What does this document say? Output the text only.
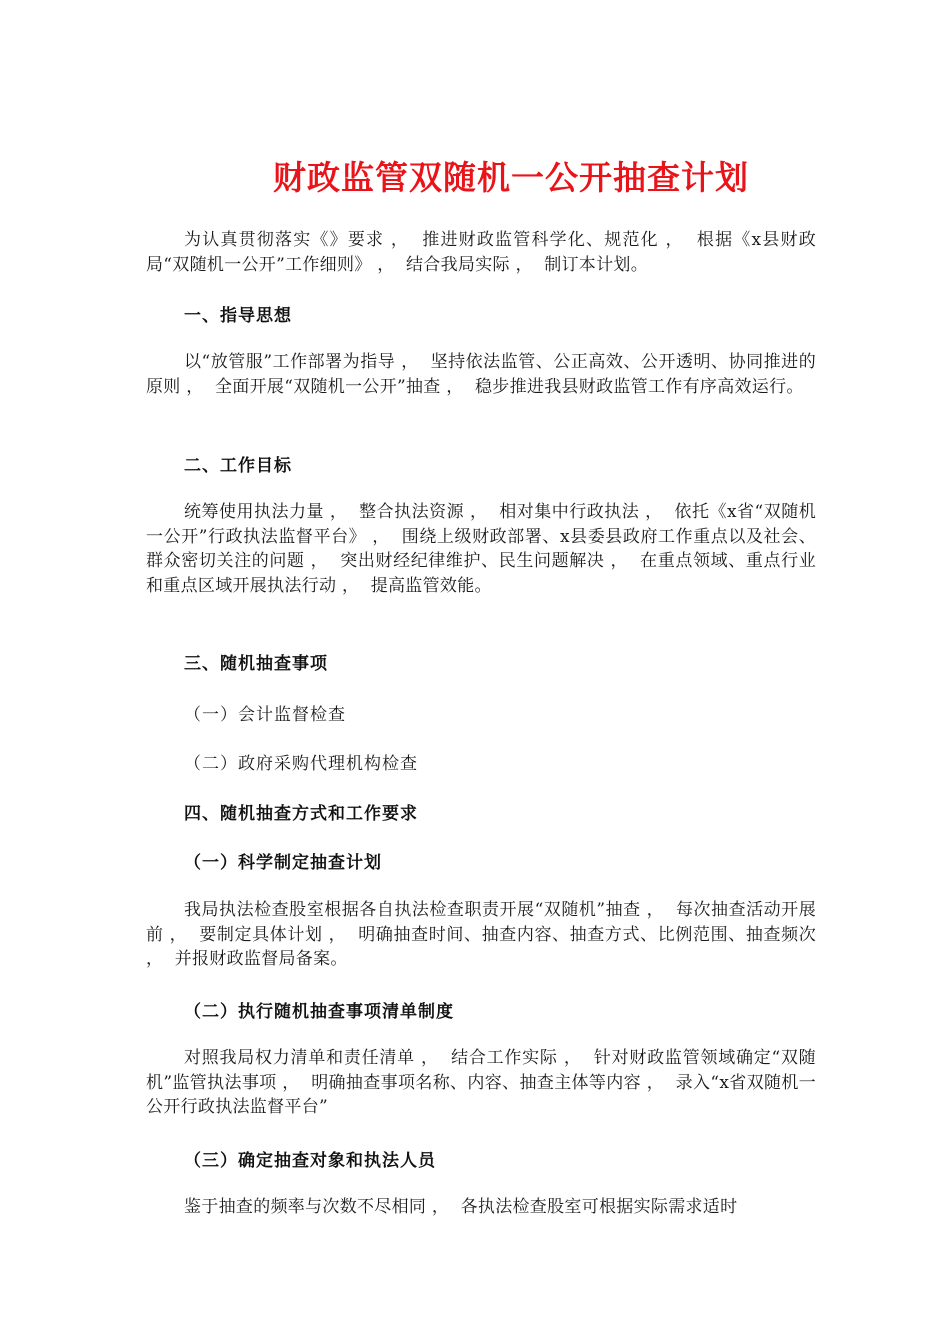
财政监管双随机一公开抽查计划
为认真贯彻落实《》要求 ，  推进财政监管科学化、规范化 ，  根据《x县财政局“双随机一公开”工作细则》 ，  结合我局实际 ，  制订本计划。
一、指导思想
以“放管服”工作部署为指导 ，  坚持依法监管、公正高效、公开透明、协同推进的原则 ，  全面开展“双随机一公开”抽查 ，  稳步推进我县财政监管工作有序高效运行。
二、工作目标
统筹使用执法力量 ，  整合执法资源 ，  相对集中行政执法 ，  依托《x省“双随机一公开”行政执法监督平台》 ，  围绕上级财政部署、x县委县政府工作重点以及社会、群众密切关注的问题 ，  突出财经纪律维护、民生问题解决 ，  在重点领域、重点行业和重点区域开展执法行动 ，  提高监管效能。
三、随机抽查事项
（一）会计监督检查
（二）政府采购代理机构检查
四、随机抽查方式和工作要求
（一）科学制定抽查计划
我局执法检查股室根据各自执法检查职责开展“双随机”抽查 ，  每次抽查活动开展前 ，  要制定具体计划 ，  明确抽查时间、抽查内容、抽查方式、比例范围、抽查频次 ，  并报财政监督局备案。
（二）执行随机抽查事项清单制度
对照我局权力清单和责任清单 ，  结合工作实际 ，  针对财政监管领域确定“双随机”监管执法事项 ，  明确抽查事项名称、内容、抽查主体等内容 ，  录入“x省双随机一公开行政执法监督平台”
（三）确定抽查对象和执法人员
鉴于抽查的频率与次数不尽相同 ，  各执法检查股室可根据实际需求适时
